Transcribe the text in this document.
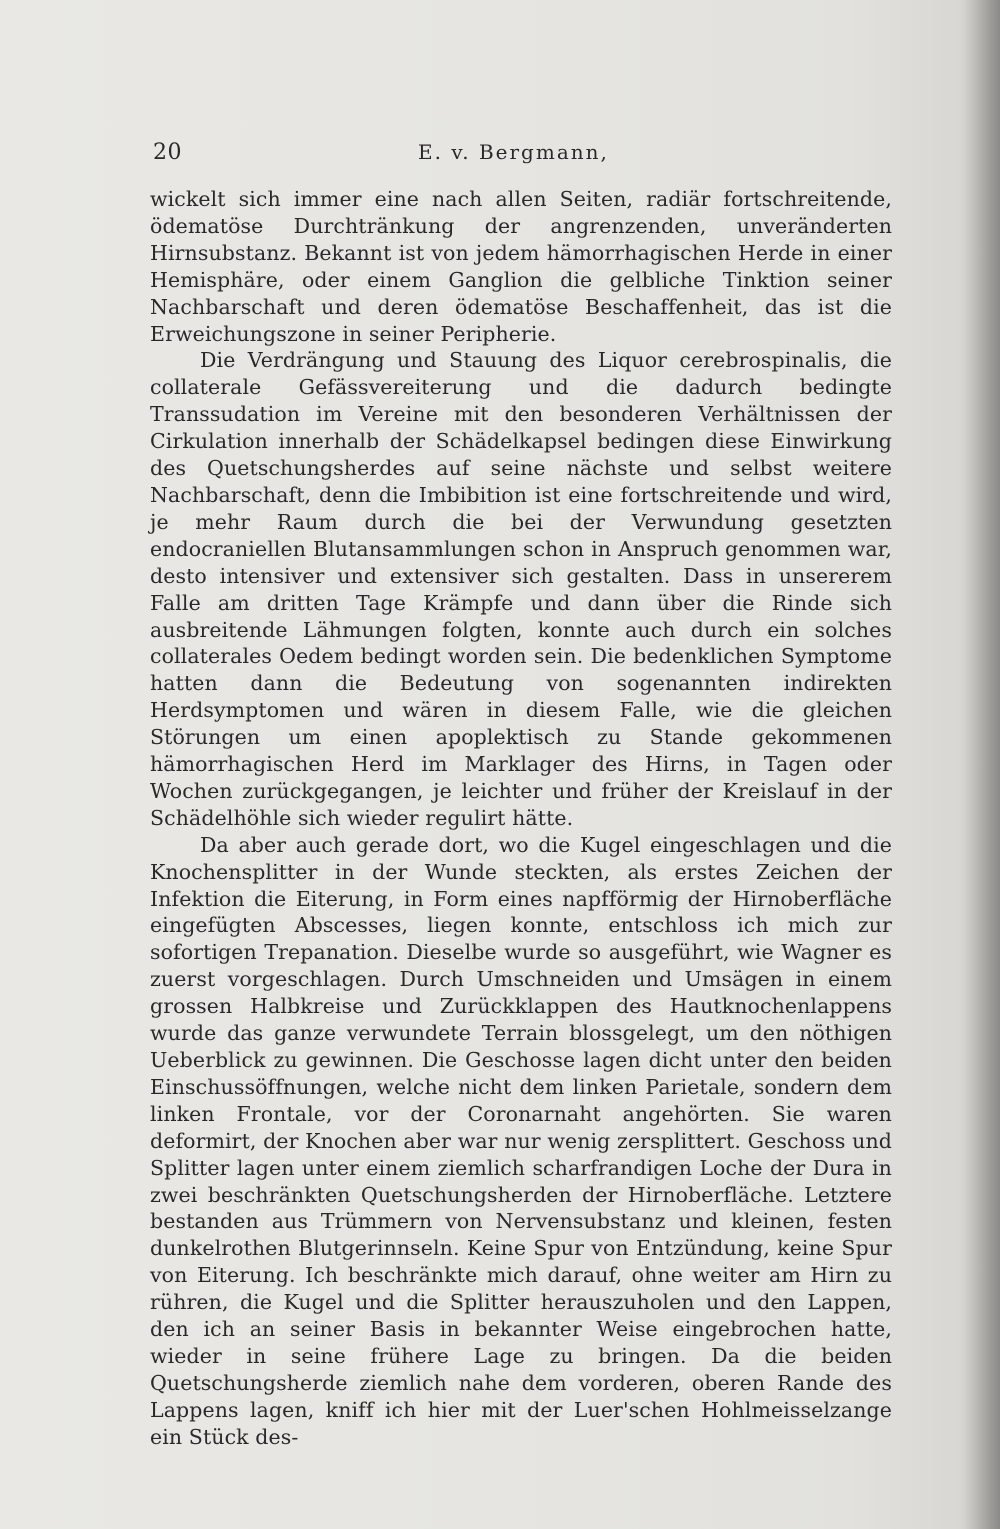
20	E. v. Bergmann,

wickelt sich immer eine nach allen Seiten, radiär fortschreitende, ödematöse Durchtränkung der angrenzenden, unveränderten Hirnsubstanz. Bekannt ist von jedem hämorrhagischen Herde in einer Hemisphäre, oder einem Ganglion die gelbliche Tinktion seiner Nachbarschaft und deren ödematöse Beschaffenheit, das ist die Erweichungszone in seiner Peripherie.

Die Verdrängung und Stauung des Liquor cerebrospinalis, die collaterale Gefässvereiterung und die dadurch bedingte Transsudation im Vereine mit den besonderen Verhältnissen der Cirkulation innerhalb der Schädelkapsel bedingen diese Einwirkung des Quetschungsherdes auf seine nächste und selbst weitere Nachbarschaft, denn die Imbibition ist eine fortschreitende und wird, je mehr Raum durch die bei der Verwundung gesetzten endocraniellen Blutansammlungen schon in Anspruch genommen war, desto intensiver und extensiver sich gestalten. Dass in unsererem Falle am dritten Tage Krämpfe und dann über die Rinde sich ausbreitende Lähmungen folgten, konnte auch durch ein solches collaterales Oedem bedingt worden sein. Die bedenklichen Symptome hatten dann die Bedeutung von sogenannten indirekten Herdsymptomen und wären in diesem Falle, wie die gleichen Störungen um einen apoplektisch zu Stande gekommenen hämorrhagischen Herd im Marklager des Hirns, in Tagen oder Wochen zurückgegangen, je leichter und früher der Kreislauf in der Schädelhöhle sich wieder regulirt hätte.

Da aber auch gerade dort, wo die Kugel eingeschlagen und die Knochensplitter in der Wunde steckten, als erstes Zeichen der Infektion die Eiterung, in Form eines napfförmig der Hirnoberfläche eingefügten Abscesses, liegen konnte, entschloss ich mich zur sofortigen Trepanation. Dieselbe wurde so ausgeführt, wie Wagner es zuerst vorgeschlagen. Durch Umschneiden und Umsägen in einem grossen Halbkreise und Zurückklappen des Hautknochenlappens wurde das ganze verwundete Terrain blossgelegt, um den nöthigen Ueberblick zu gewinnen. Die Geschosse lagen dicht unter den beiden Einschussöffnungen, welche nicht dem linken Parietale, sondern dem linken Frontale, vor der Coronarnaht angehörten. Sie waren deformirt, der Knochen aber war nur wenig zersplittert. Geschoss und Splitter lagen unter einem ziemlich scharfrandigen Loche der Dura in zwei beschränkten Quetschungsherden der Hirnoberfläche. Letztere bestanden aus Trümmern von Nervensubstanz und kleinen, festen dunkelrothen Blutgerinnseln. Keine Spur von Entzündung, keine Spur von Eiterung. Ich beschränkte mich darauf, ohne weiter am Hirn zu rühren, die Kugel und die Splitter herauszuholen und den Lappen, den ich an seiner Basis in bekannter Weise eingebrochen hatte, wieder in seine frühere Lage zu bringen. Da die beiden Quetschungsherde ziemlich nahe dem vorderen, oberen Rande des Lappens lagen, kniff ich hier mit der Luer'schen Hohlmeisselzange ein Stück des-
